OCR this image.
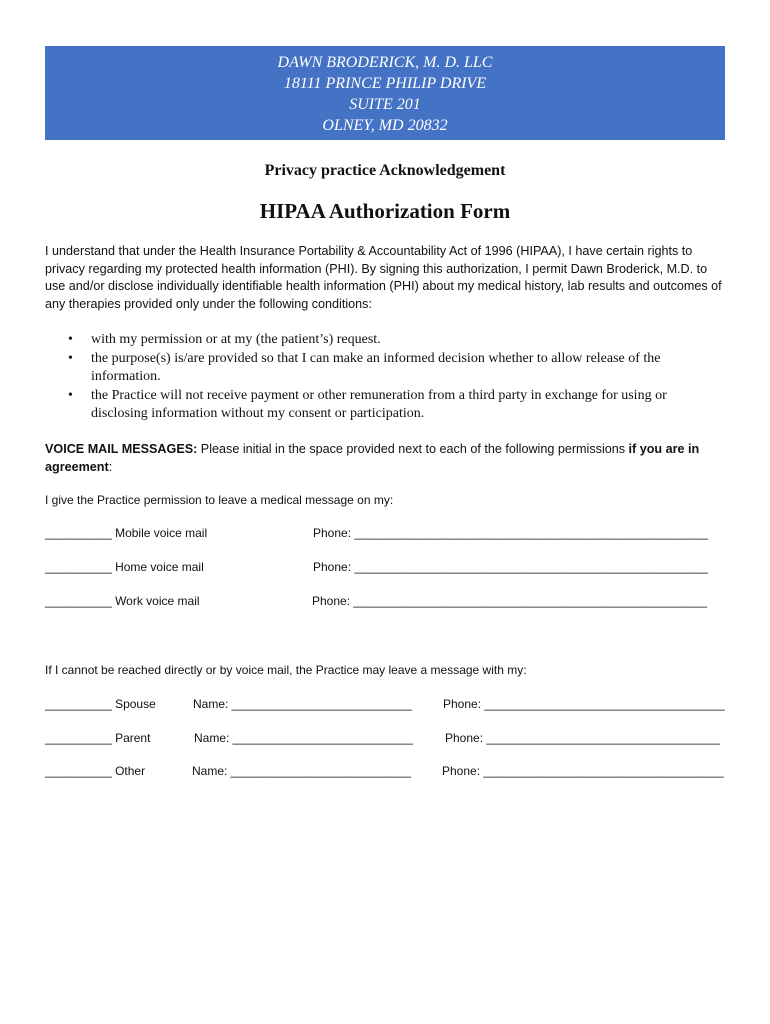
DAWN BRODERICK, M. D. LLC
18111 PRINCE PHILIP DRIVE
SUITE 201
OLNEY, MD 20832
Privacy practice Acknowledgement
HIPAA Authorization Form
I understand that under the Health Insurance Portability & Accountability Act of 1996 (HIPAA), I have certain rights to privacy regarding my protected health information (PHI). By signing this authorization, I permit Dawn Broderick, M.D. to use and/or disclose individually identifiable health information (PHI) about my medical history, lab results and outcomes of any therapies provided only under the following conditions:
• with my permission or at my (the patient’s) request.
• the purpose(s) is/are provided so that I can make an informed decision whether to allow release of the information.
• the Practice will not receive payment or other remuneration from a third party in exchange for using or disclosing information without my consent or participation.
VOICE MAIL MESSAGES: Please initial in the space provided next to each of the following permissions if you are in agreement:
I give the Practice permission to leave a medical message on my:
__________ Mobile voice mail	Phone: _____________________________________________________
__________ Home voice mail	Phone: _____________________________________________________
__________ Work voice mail	Phone: _____________________________________________________
If I cannot be reached directly or by voice mail, the Practice may leave a message with my:
__________ Spouse	Name: ___________________________	Phone: ____________________________________
__________ Parent	Name: ___________________________	Phone: ___________________________________
__________ Other	Name: ___________________________	Phone: ____________________________________
